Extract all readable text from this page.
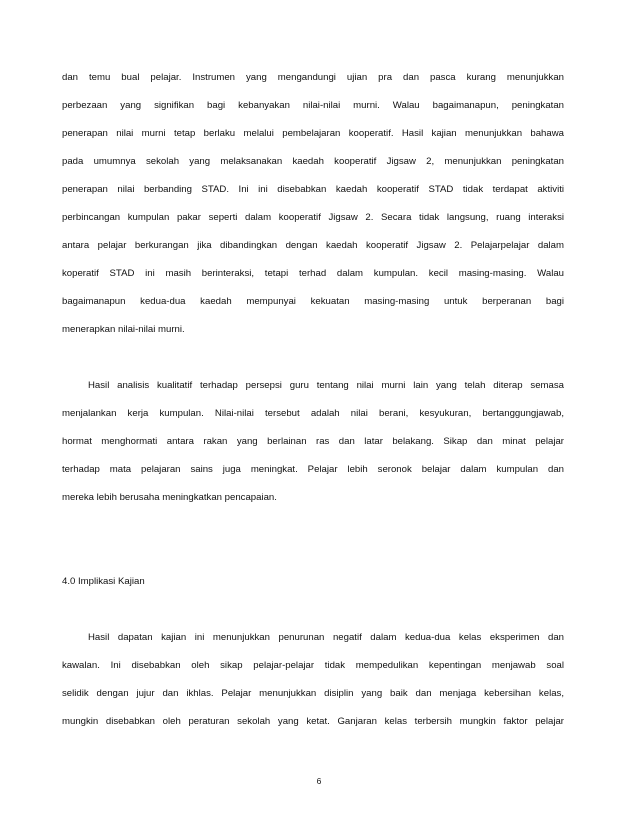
dan temu bual pelajar. Instrumen yang mengandungi ujian pra dan pasca kurang menunjukkan
perbezaan yang signifikan bagi kebanyakan nilai-nilai murni. Walau bagaimanapun, peningkatan
penerapan nilai murni tetap berlaku melalui pembelajaran kooperatif. Hasil kajian menunjukkan bahawa
pada umumnya sekolah yang melaksanakan kaedah kooperatif Jigsaw 2, menunjukkan peningkatan
penerapan nilai berbanding STAD. Ini ini disebabkan kaedah kooperatif STAD tidak terdapat aktiviti
perbincangan kumpulan pakar seperti dalam kooperatif Jigsaw 2. Secara tidak langsung, ruang interaksi
antara pelajar berkurangan jika dibandingkan dengan kaedah kooperatif Jigsaw 2. Pelajarpelajar dalam
koperatif STAD ini masih berinteraksi, tetapi terhad dalam kumpulan. kecil masing-masing. Walau
bagaimanapun kedua-dua kaedah mempunyai kekuatan masing-masing untuk berperanan bagi
menerapkan nilai-nilai murni.
Hasil analisis kualitatif terhadap persepsi guru tentang nilai murni lain yang telah diterap semasa
menjalankan kerja kumpulan. Nilai-nilai tersebut adalah nilai berani, kesyukuran, bertanggungjawab,
hormat menghormati antara rakan yang berlainan ras dan latar belakang. Sikap dan minat pelajar
terhadap mata pelajaran sains juga meningkat. Pelajar lebih seronok belajar dalam kumpulan dan
mereka lebih berusaha meningkatkan pencapaian.
4.0 Implikasi Kajian
Hasil dapatan kajian ini menunjukkan penurunan negatif dalam kedua-dua kelas eksperimen dan
kawalan. Ini disebabkan oleh sikap pelajar-pelajar tidak mempedulikan kepentingan menjawab soal
selidik dengan jujur dan ikhlas. Pelajar menunjukkan disiplin yang baik dan menjaga kebersihan kelas,
mungkin disebabkan oleh peraturan sekolah yang ketat. Ganjaran kelas terbersih mungkin faktor pelajar
6
